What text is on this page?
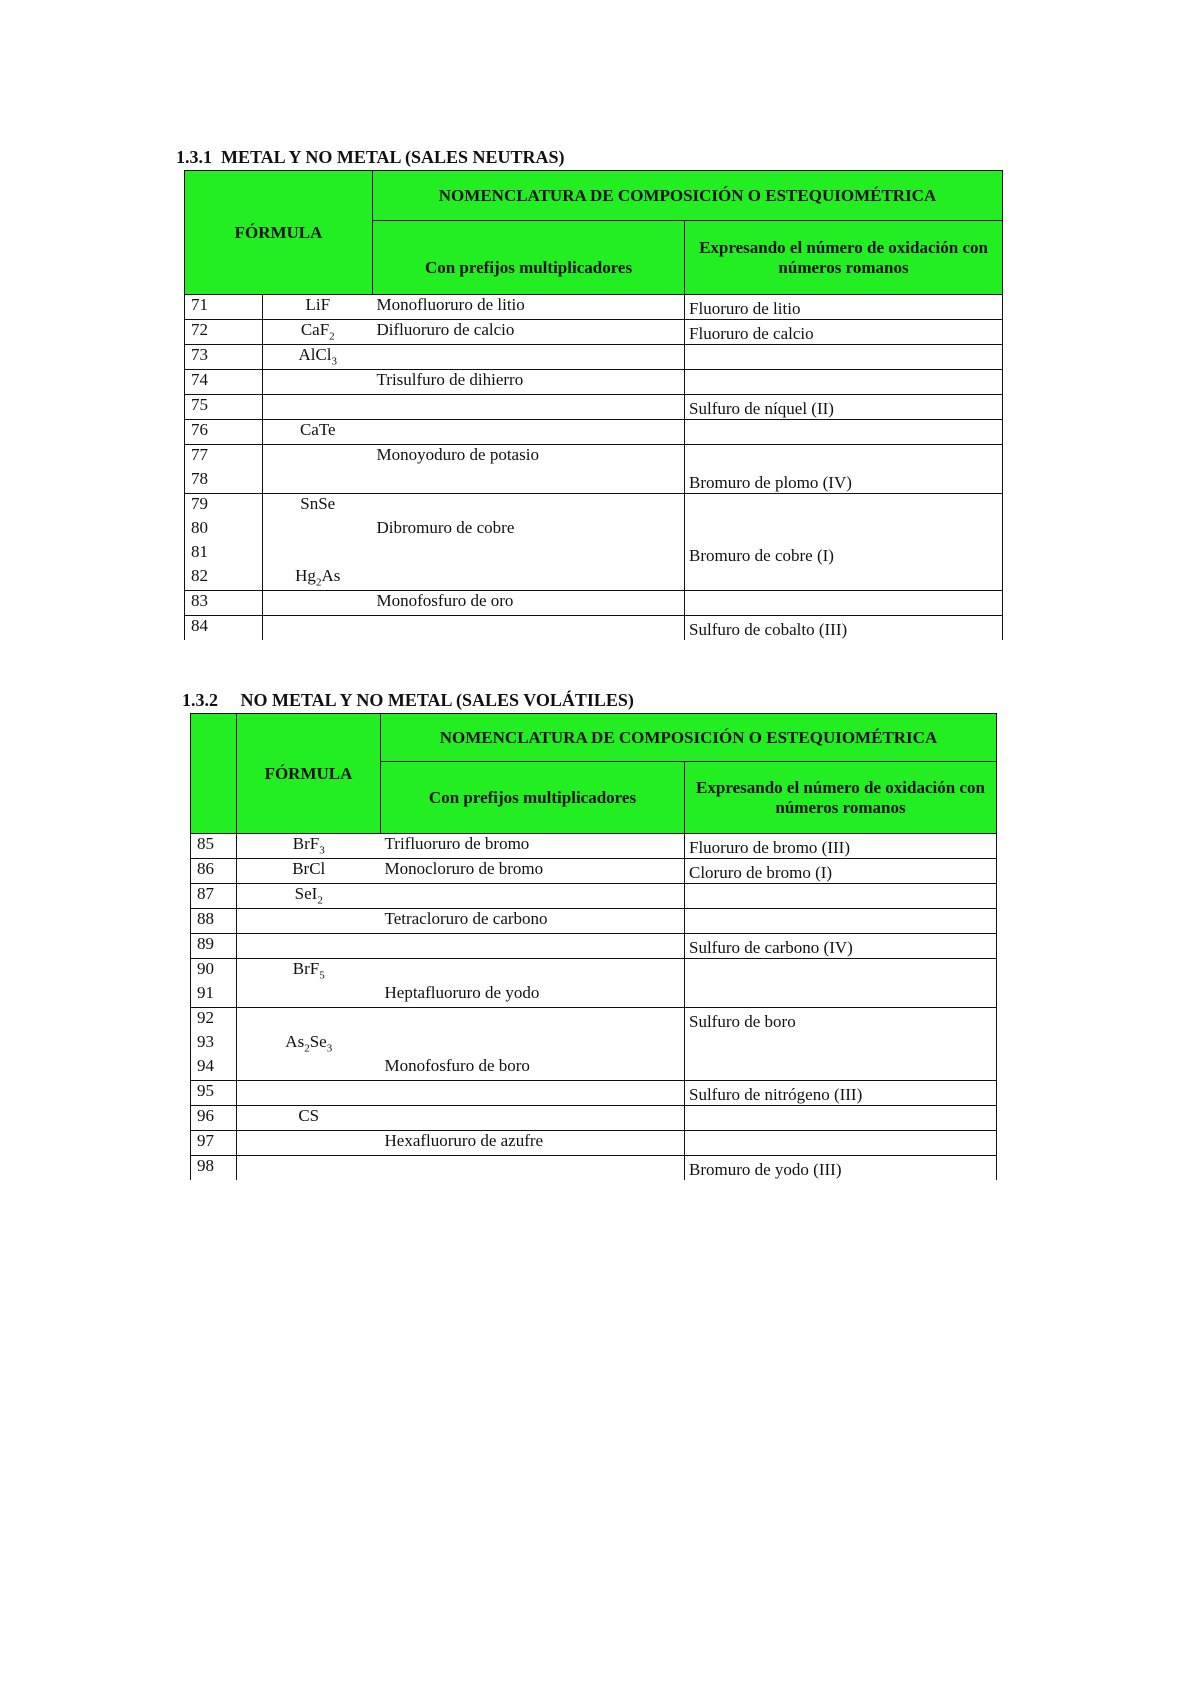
1.3.1  METAL Y NO METAL (SALES NEUTRAS)

FÓRMULA		NOMENCLATURA DE COMPOSICIÓN O ESTEQUIOMÉTRICA	
		Con prefijos multiplicadores	Expresando el número de oxidación con números romanos
71	LiF	Monofluoruro de litio	Fluoruro de litio
72	CaF$_2$	Difluoruro de calcio	Fluoruro de calcio
73	AlCl$_3$		
74		Trisulfuro de dihierro	
75			Sulfuro de níquel (II)
76	CaTe		
77		Monoyoduro de potasio	
78			Bromuro de plomo (IV)
79	SnSe		
80		Dibromuro de cobre	
81			Bromuro de cobre (I)
82	$Hg_2As$		
83		Monofosfuro de oro	
84			Sulfuro de cobalto (III)

1.3.2     NO METAL Y NO METAL (SALES VOLÁTILES)

	FÓRMULA	NOMENCLATURA DE COMPOSICIÓN O ESTEQUIOMÉTRICA	
		Con prefijos multiplicadores	Expresando el número de oxidación con números romanos
85	BrF$_3$	Trifluoruro de bromo	Fluoruro de bromo (III)
86	BrCl	Monocloruro de bromo	Cloruro de bromo (I)
87	SeI$_2$		
88		Tetracloruro de carbono	
89			Sulfuro de carbono (IV)
90	BrF$_5$		
91		Heptafluoruro de yodo	
92			Sulfuro de boro
93	$As_2Se_3$		
94		Monofosfuro de boro	
95			Sulfuro de nitrógeno (III)
96	CS		
97		Hexafluoruro de azufre	
98			Bromuro de yodo (III)
